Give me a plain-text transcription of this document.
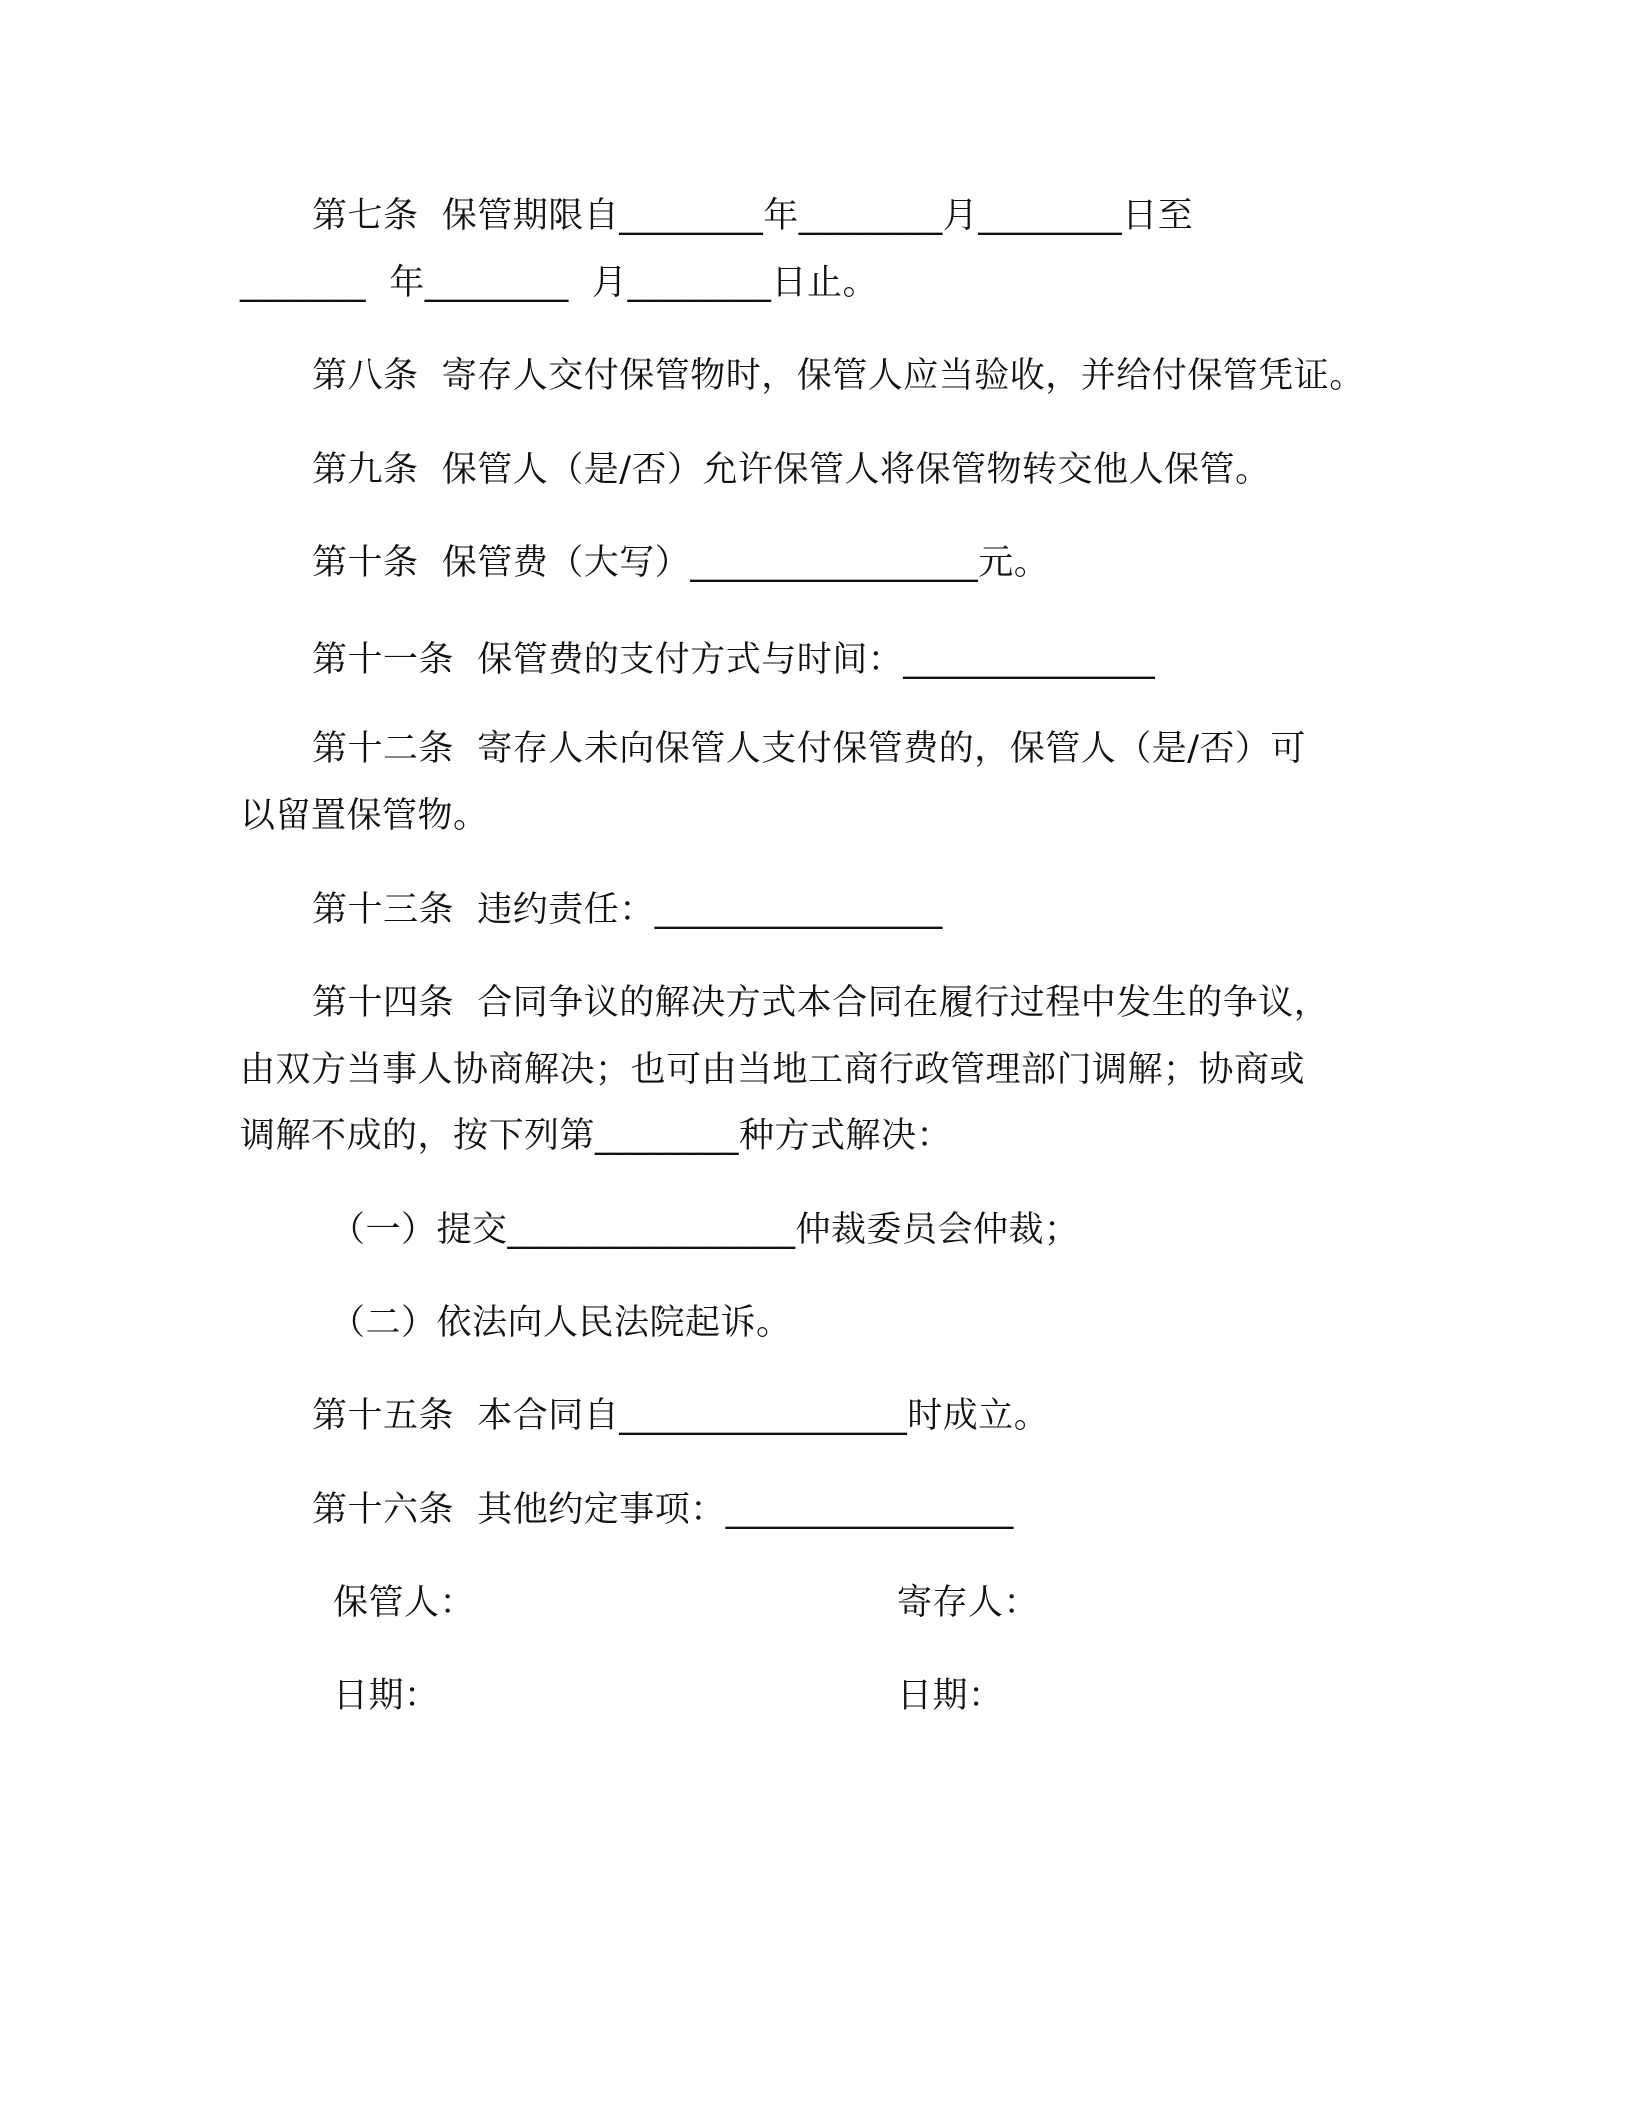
第七条  保管期限自________年________月________日至
_______  年________  月________日止。
第八条  寄存人交付保管物时，保管人应当验收，并给付保管凭证。
第九条  保管人（是/否）允许保管人将保管物转交他人保管。
第十条  保管费（大写）________________元。
第十一条  保管费的支付方式与时间：______________
第十二条  寄存人未向保管人支付保管费的，保管人（是/否）可
以留置保管物。
第十三条  违约责任：________________
第十四条  合同争议的解决方式本合同在履行过程中发生的争议，
由双方当事人协商解决；也可由当地工商行政管理部门调解；协商或
调解不成的，按下列第________种方式解决：
（一）提交________________仲裁委员会仲裁；
（二）依法向人民法院起诉。
第十五条  本合同自________________时成立。
第十六条  其他约定事项：________________
保管人：	寄存人：
日期：	日期：
